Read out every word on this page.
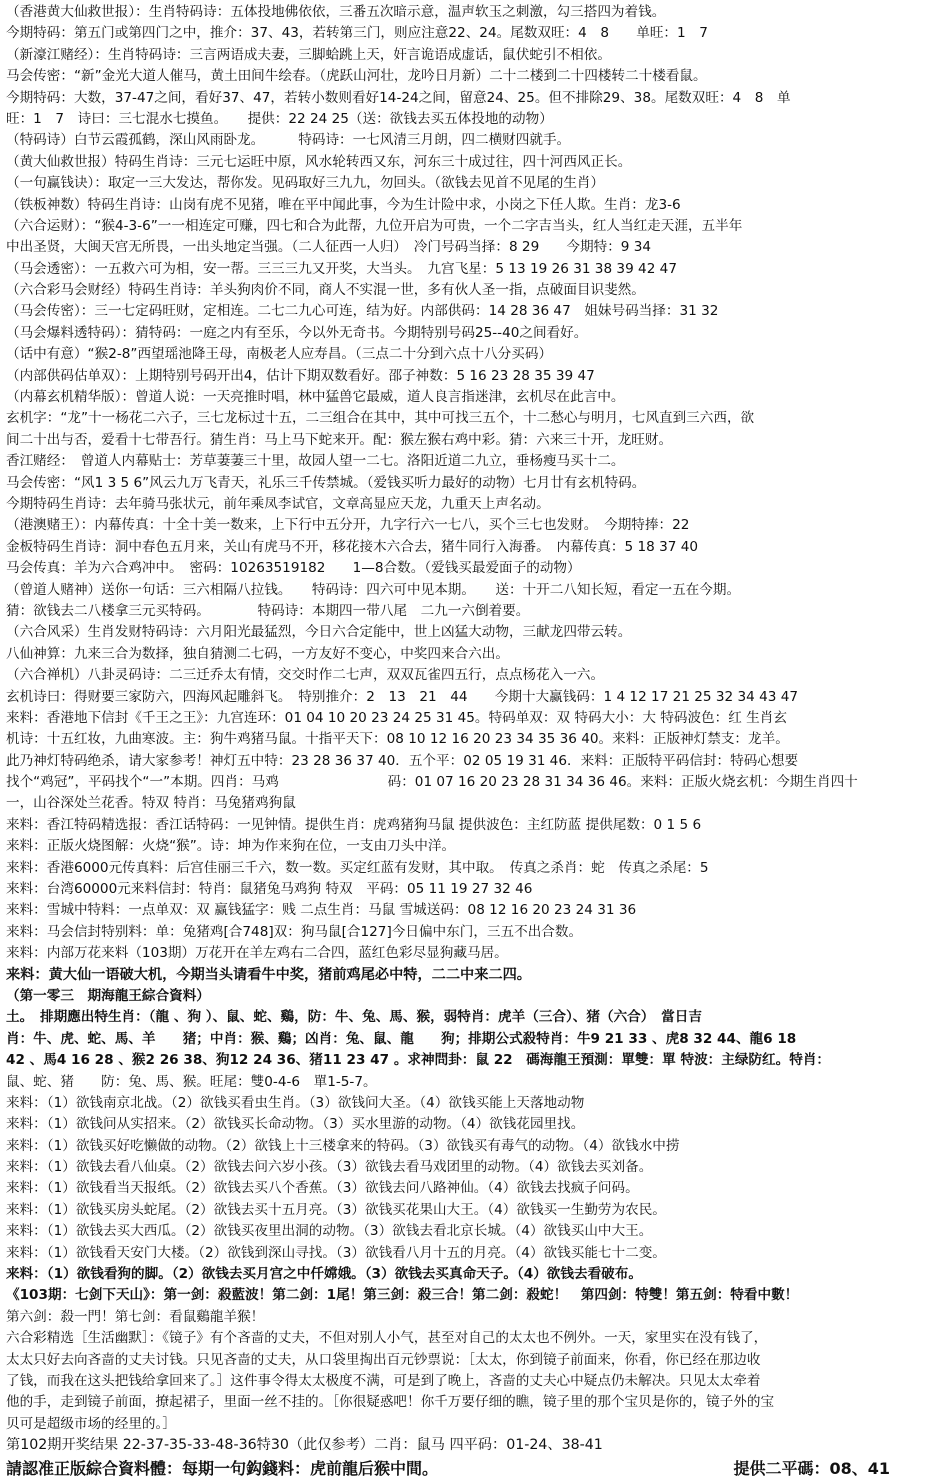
（香港黄大仙救世报）：生肖特码诗：五体投地佛依依，三番五次暗示意，温声软玉之刺激，勾三搭四为着钱。
今期特码：第五门或第四门之中，推介：37、43，若转第三门，则应注意22、24。尾数双旺：4　8　　单旺：1　7
（新濠江赌经）：生肖特码诗：三言两语成夫妻，三脚蛤跳上天，奸言诡语成虚话，鼠伏蛇引不相依。
马会传密：“新”金光大道人催马，黄土田间牛绘春。（虎跃山河壮，龙吟日月新）二十二楼到二十四楼转二十楼看鼠。
今期特码：大数，37-47之间，看好37、47，若转小数则看好14-24之间，留意24、25。但不排除29、38。尾数双旺：4　8　单
旺：1　7　诗曰：三七混水七摸鱼。　　提供：22 24 25（送：欲钱去买五体投地的动物）
（特码诗）白节云霞孤鹤，深山风雨卧龙。　　　特码诗：一七风清三月朗，四二横财四就手。
（黄大仙救世报）特码生肖诗：三元七运旺中原，风水轮转西又东，河东三十成过往，四十河西风正长。
（一句赢钱诀）：取定一三大发达，帮你发。见码取好三九九，勿回头。（欲钱去见首不见尾的生肖）
（铁板神数）特码生肖诗：山岗有虎不见猪，唯在平中闻此事，今为生计险中求，小岗之下任人欺。生肖：龙3-6
（六合运财）：“猴4-3-6”一一相连定可赚，四七和合为此帮，九位开启为可贵，一个二字吉当头，红人当红走天涯，五半年
中出圣贤，大闽天宫无所畏，一出头地定当强。（二人征西一人归）　冷门号码当择：8 29　　今期特：9 34
（马会透密）：一五救六可为相，安一帮。三三三九又开奖，大当头。　九宫飞星：5 13 19 26 31 38 39 42 47
（六合彩马会财经）特码生肖诗：羊头狗肉价不同，商人不实混一世，多有伙人圣一指，点破面目识斐然。
（马会传密）：三一七定码旺财，定相连。二七二九心可连，结为好。内部供码：14 28 36 47　姐妹号码当择：31 32
（马会爆料透特码）：猜特码：一庭之内有至乐，今以外无奇书。今期特别号码25--40之间看好。
（话中有意）“猴2-8”西望瑶池降王母，南极老人应寿昌。（三点二十分到六点十八分买码）
（内部供码估单双）：上期特别号码开出4，估计下期双数看好。邵子神数：5 16 23 28 35 39 47
（内幕玄机精华版）：曾道人说：一天亮推时唱，林中猛兽它最威，道人良言指迷津，玄机尽在此言中。
玄机字：“龙”十一杨花二六子，三七龙标过十五，二三组合在其中，其中可找三五个，十二愁心与明月，七风直到三六西，欲
间二十出与否，爱看十七带吾行。猜生肖：马上马下蛇来开。配：猴左猴右鸡中彩。猜：六来三十开，龙旺财。
香江赌经：　曾道人内幕贴士：芳草萋萋三十里，故园人望一二七。洛阳近道二九立，垂杨瘦马买十二。
马会传密：“风1 3 5 6”风云九万飞青天，礼乐三千传禁城。（爱钱买听力最好的动物）七月廿有玄机特码。
今期特码生肖诗：去年骑马张状元，前年乘凤李试官，文章高显应天龙，九重天上声名动。
（港澳赌王）：内幕传真：十全十美一数来，上下行中五分开，九字行六一七八，买个三七也发财。　今期特捧：22
金板特码生肖诗：洞中春色五月来，关山有虎马不开，移花接木六合去，猪牛同行入海番。　内幕传真：5 18 37 40
马会传真：羊为六合鸡冲中。　密码：10263519182　　1—8合数。（爱钱买最爱面子的动物）
（曾道人赌神）送你一句话：三六相隔八拉钱。　　特码诗：四六可中见本期。　　送：十开二八知长短，看定一五在今期。
猜：欲钱去二八楼拿三元买特码。　　　　特码诗：本期四一带八尾　二九一六倒着要。
（六合风采）生肖发财特码诗：六月阳光最猛烈，今日六合定能中，世上凶猛大动物，三献龙四带云转。
八仙神算：九来三合为数择，独自猜测二七码，一方友好不变心，中奖四来合六出。
（六合禅机）八卦灵码诗：二三迁乔太有情，交交时作二七声，双双瓦雀四五行，点点杨花入一六。
玄机诗曰：得财要三家防六，四海风起雕斜飞。　特别推介：2　13　21　44　　今期十大赢钱码：1 4 12 17 21 25 32 34 43 47
来料：香港地下信封《千王之王》：九宫连环：01 04 10 20 23 24 25 31 45。特码单双：双 特码大小：大 特码波色：红 生肖玄
机诗：十五红妆，九曲寒波。主：狗牛鸡猪马鼠。十指平天下：08 10 12 16 20 23 34 35 36 40。来料：正版神灯禁支：龙羊。
此乃神灯特码绝杀，请大家参考！神灯五中特：23 28 36 37 40．五个平：02 05 19 31 46．来料：正版特平码信封：特码心想要
找个“鸡冠”，平码找个“一”本期。四肖：马鸡　　　　　　　　码：01 07 16 20 23 28 31 34 36 46。来料：正版火烧玄机：今期生肖四十
一，山谷深处兰花香。特双 特肖：马兔猪鸡狗鼠
来料：香江特码精选报：香江话特码：一见钟情。提供生肖：虎鸡猪狗马鼠 提供波色：主红防蓝 提供尾数：0 1 5 6
来料：正版火烧图解：火烧“猴”。诗：坤为作来狗在位，一支由刀头中洋。
来料：香港6000元传真料：后宫佳丽三千六，数一数。买定红蓝有发财，其中取。　传真之杀肖：蛇　传真之杀尾：5
来料：台湾60000元来料信封：特肖：鼠猪兔马鸡狗 特双　平码：05 11 19 27 32 46
来料：雪城中特料：一点单双：双 赢钱猛字：贱 二点生肖：马鼠 雪城送码：08 12 16 20 23 24 31 36
来料：马会信封特别料：单：兔猪鸡[合748]双：狗马鼠[合127]今日偏中东门，三五不出合数。
来料：内部万花来料（103期）万花开在羊左鸡右二合四，蓝红色彩尽显狗藏马居。
来料：黄大仙一语破大机，今期当头请看牛中奖，猪前鸡尾必中特，二二中来二四。
（第一零三　期海龍王綜合資料）
土。　排期應出特生肖：（龍 、狗 ）、鼠、蛇、鷄，防：牛、兔、馬、猴，弱特肖：虎羊（三合）、猪（六合）　當日吉
肖：牛、虎、蛇、馬、羊　　猪；中肖：猴、鷄；凶肖：兔、鼠、龍　　狗；排期公式殺特肖：牛9 21 33 、虎8 32 44、龍6 18
42 、馬4 16 28 、猴2 26 38、狗12 24 36、猪11 23 47 。求神問卦：鼠 22　碼海龍王預測：單雙：單 特波：主绿防红。特肖：
鼠、蛇、猪　　防：兔、馬、猴。旺尾：雙0-4-6　單1-5-7。
来料：（1）欲钱南京北战。（2）欲钱买看虫生肖。（3）欲钱问大圣。（4）欲钱买能上天落地动物
来料：（1）欲钱问从实招来。（2）欲钱买长命动物。（3）买水里游的动物。（4）欲钱花园里找。
来料：（1）欲钱买好吃懒做的动物。（2）欲钱上十三楼拿来的特码。（3）欲钱买有毒气的动物。（4）欲钱水中捞
来料：（1）欲钱去看八仙桌。（2）欲钱去问六岁小孩。（3）欲钱去看马戏团里的动物。（4）欲钱去买刘备。
来料：（1）欲钱看当天报纸。（2）欲钱去买八个香蕉。（3）欲钱去问八路神仙。（4）欲钱去找疯子问码。
来料：（1）欲钱买房头蛇尾。（2）欲钱去买十五月亮。（3）欲钱买花果山大王。（4）欲钱买一生勤劳为农民。
来料：（1）欲钱去买大西瓜。（2）欲钱买夜里出洞的动物。（3）欲钱去看北京长城。（4）欲钱买山中大王。
来料：（1）欲钱看天安门大楼。（2）欲钱到深山寻找。（3）欲钱看八月十五的月亮。（4）欲钱买能七十二变。
来料：（1）欲钱看狗的脚。（2）欲钱去买月宫之中仟嫦娥。（3）欲钱去买真命天子。（4）欲钱去看破布。
《103期：七剑下天山》：第一剑：殺藍波！第二剑：1尾！第三剑：殺三合！第二剑：殺蛇！　第四剑：特雙！第五剑：特看中數！
第六剑：殺一門！第七剑：看鼠鷄龍羊猴！
六合彩精选［生活幽默］：《镜子》有个吝啬的丈夫，不但对别人小气，甚至对自己的太太也不例外。一天，家里实在没有钱了，
太太只好去向吝啬的丈夫讨钱。只见吝啬的丈夫，从口袋里掏出百元钞票说：［太太，你到镜子前面来，你看，你已经在那边收
了钱，而我在这头把钱给拿回来了。］这件事令得太太极度不满，可是到了晚上，吝啬的丈夫心中疑点仍未解决。只见太太牵着
他的手，走到镜子前面，撩起裙子，里面一丝不挂的。［你很疑惑吧！你千万要仔细的瞧，镜子里的那个宝贝是你的，镜子外的宝
贝可是超级市场的经里的。］
第102期开奖结果 22-37-35-33-48-36特30（此仅参考）二肖：鼠马 四平码：01-24、38-41
請認准正版綜合資料體：每期一句鈎錢料：虎前龍后猴中間。	提供二平碼：08、41
